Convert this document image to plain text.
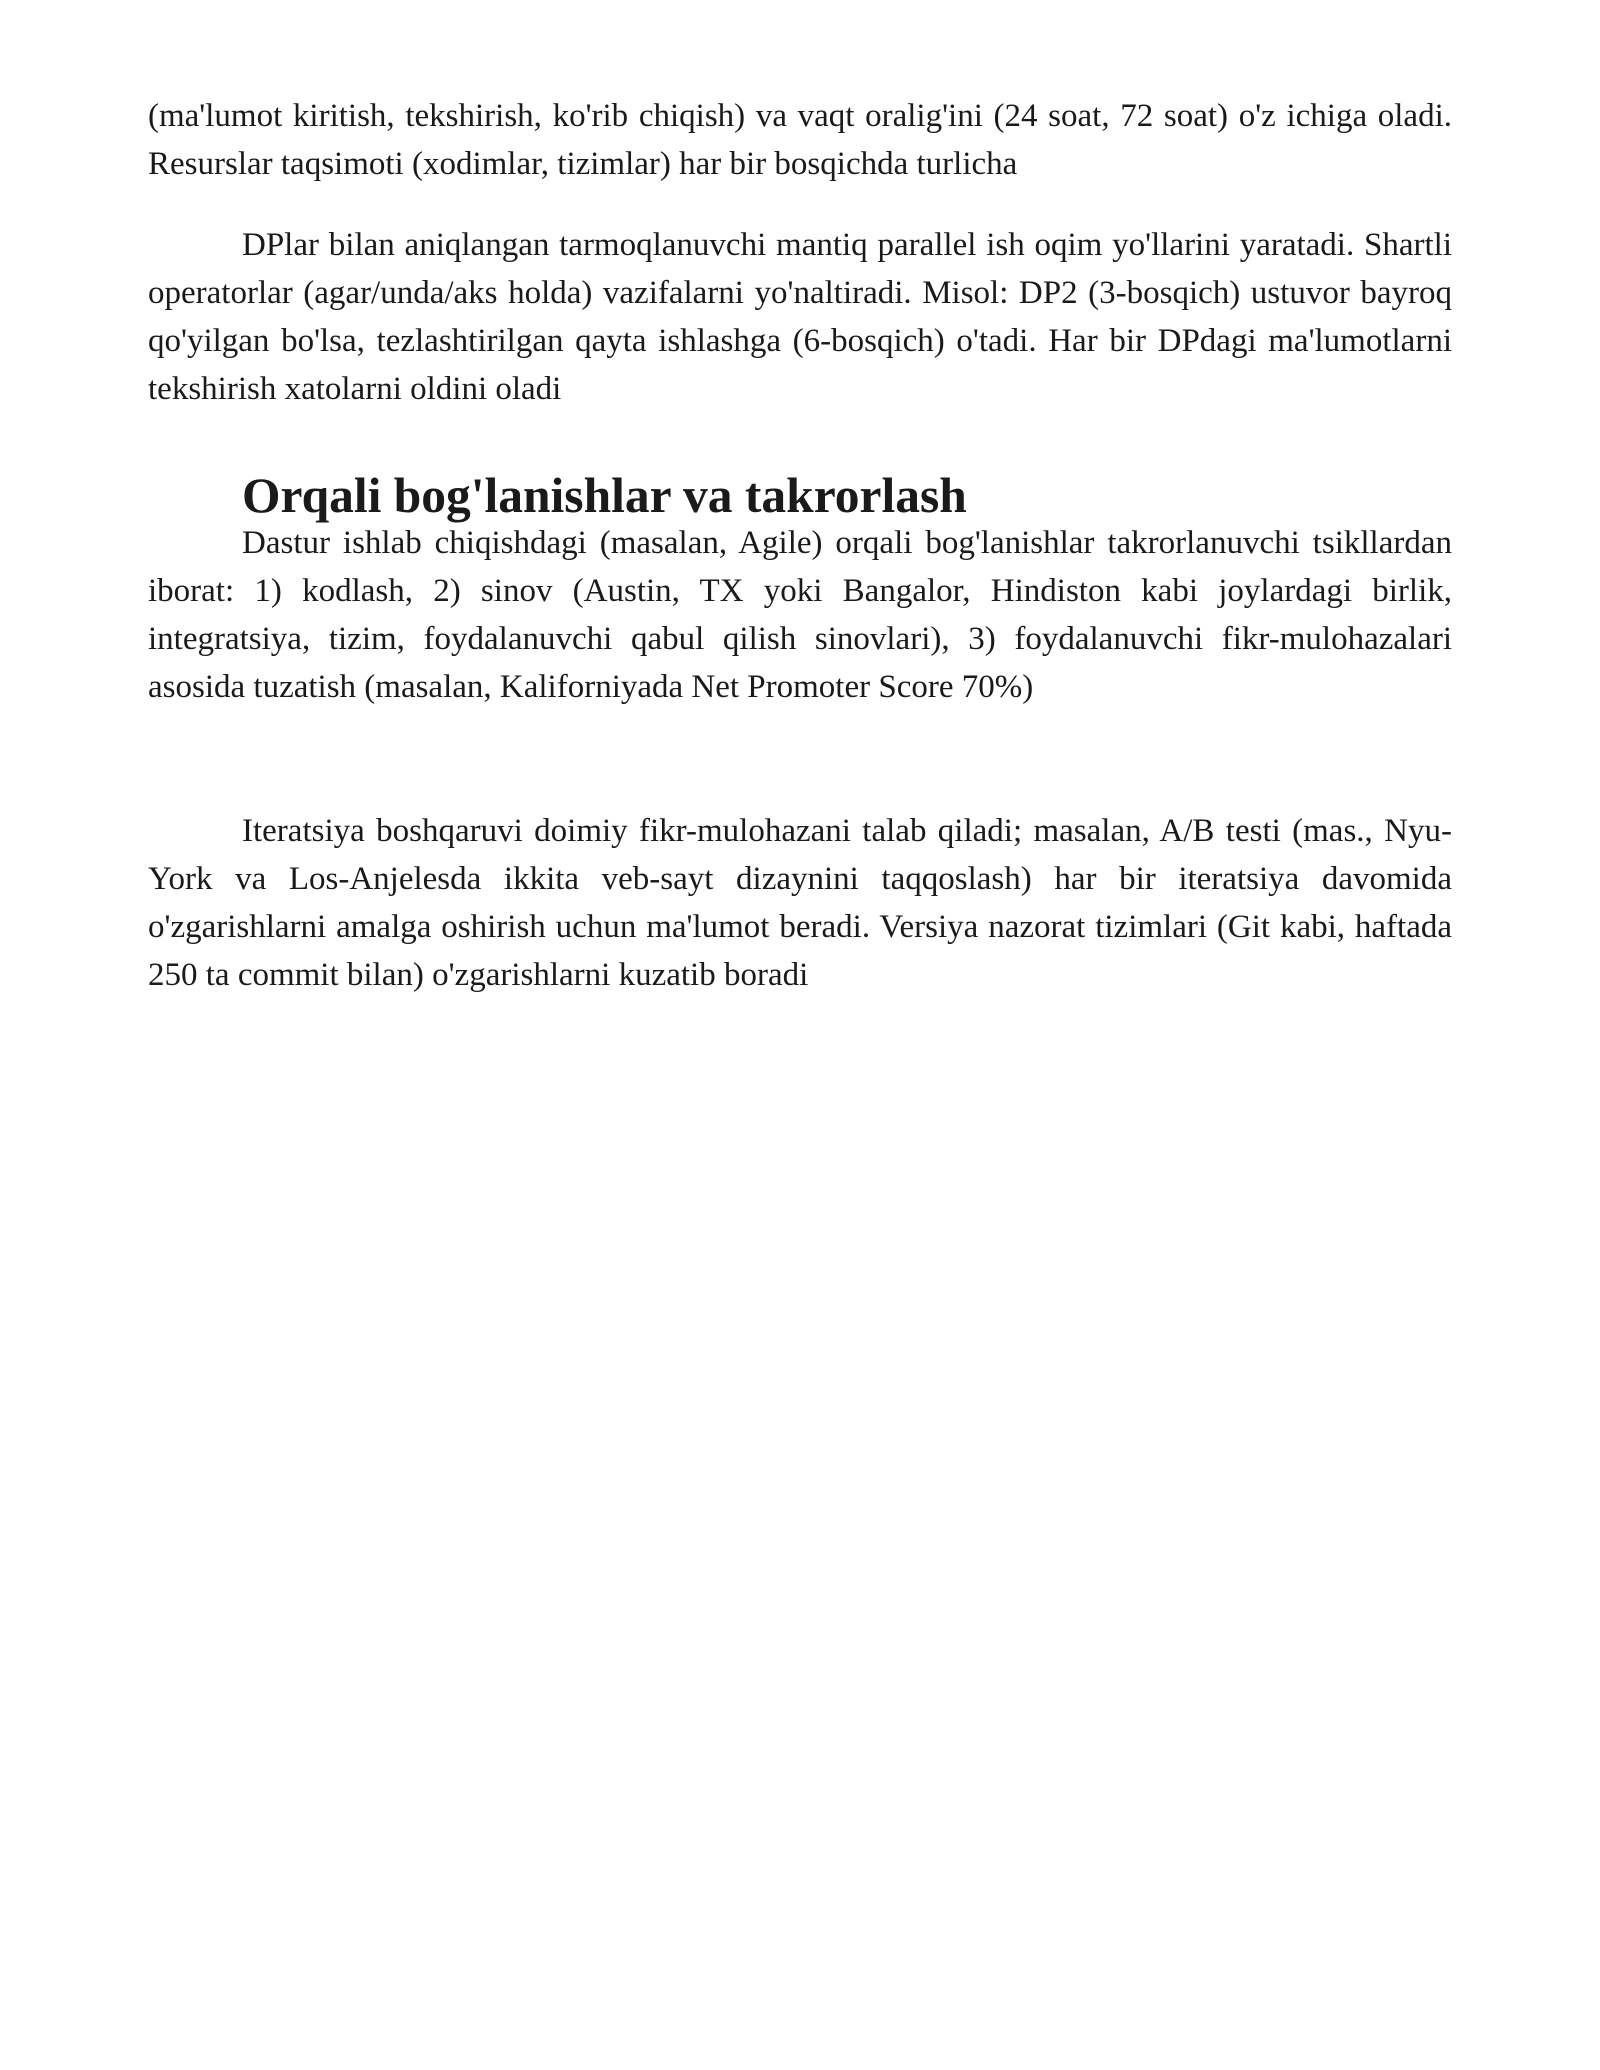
(ma'lumot kiritish, tekshirish, ko'rib chiqish) va vaqt oralig'ini (24 soat, 72 soat) o'z ichiga oladi. Resurslar taqsimoti (xodimlar, tizimlar) har bir bosqichda turlicha

DPlar bilan aniqlangan tarmoqlanuvchi mantiq parallel ish oqim yo'llarini yaratadi. Shartli operatorlar (agar/unda/aks holda) vazifalarni yo'naltiradi. Misol: DP2 (3-bosqich) ustuvor bayroq qo'yilgan bo'lsa, tezlashtirilgan qayta ishlashga (6-bosqich) o'tadi. Har bir DPdagi ma'lumotlarni tekshirish xatolarni oldini oladi

Orqali bog'lanishlar va takrorlash

Dastur ishlab chiqishdagi (masalan, Agile) orqali bog'lanishlar takrorlanuvchi tsikllardan iborat: 1) kodlash, 2) sinov (Austin, TX yoki Bangalor, Hindiston kabi joylardagi birlik, integratsiya, tizim, foydalanuvchi qabul qilish sinovlari), 3) foydalanuvchi fikr-mulohazalari asosida tuzatish (masalan, Kaliforniyada Net Promoter Score 70%)

Iteratsiya boshqaruvi doimiy fikr-mulohazani talab qiladi; masalan, A/B testi (mas., Nyu-York va Los-Anjelesda ikkita veb-sayt dizaynini taqqoslash) har bir iteratsiya davomida o'zgarishlarni amalga oshirish uchun ma'lumot beradi. Versiya nazorat tizimlari (Git kabi, haftada 250 ta commit bilan) o'zgarishlarni kuzatib boradi
